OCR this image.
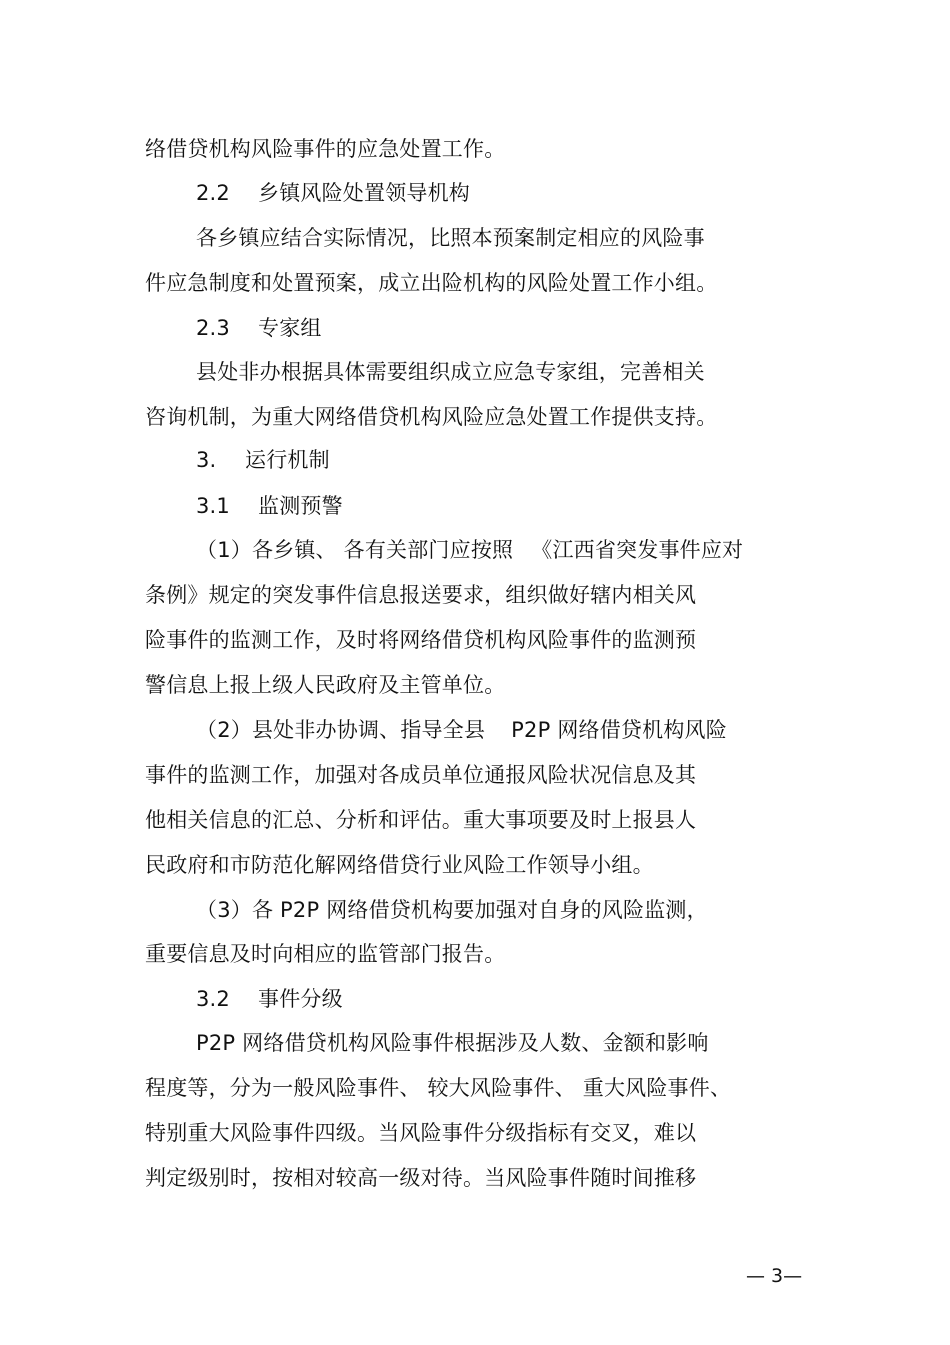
络借贷机构风险事件的应急处置工作。
2.2 乡镇风险处置领导机构
各乡镇应结合实际情况，比照本预案制定相应的风险事
件应急制度和处置预案，成立出险机构的风险处置工作小组。
2.3 专家组
县处非办根据具体需要组织成立应急专家组，完善相关
咨询机制，为重大网络借贷机构风险应急处置工作提供支持。
3. 运行机制
3.1 监测预警
（1）各乡镇、 各有关部门应按照 《江西省突发事件应对
条例》规定的突发事件信息报送要求，组织做好辖内相关风
险事件的监测工作，及时将网络借贷机构风险事件的监测预
警信息上报上级人民政府及主管单位。
（2）县处非办协调、指导全县 P2P 网络借贷机构风险
事件的监测工作，加强对各成员单位通报风险状况信息及其
他相关信息的汇总、分析和评估。重大事项要及时上报县人
民政府和市防范化解网络借贷行业风险工作领导小组。
（3）各 P2P 网络借贷机构要加强对自身的风险监测，
重要信息及时向相应的监管部门报告。
3.2 事件分级
P2P 网络借贷机构风险事件根据涉及人数、金额和影响
程度等，分为一般风险事件、 较大风险事件、 重大风险事件、
特别重大风险事件四级。当风险事件分级指标有交叉，难以
判定级别时，按相对较高一级对待。当风险事件随时间推移
— 3—
